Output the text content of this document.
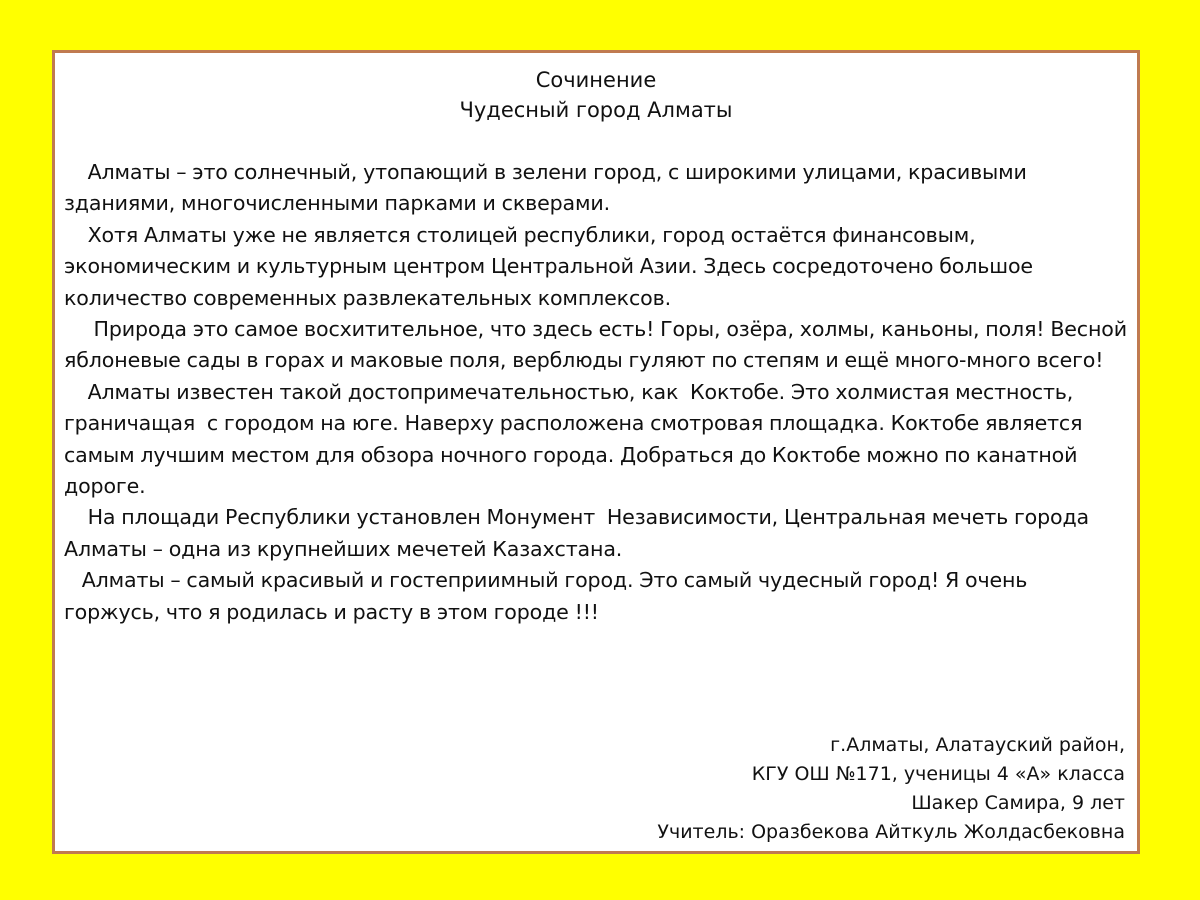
Сочинение
Чудесный город Алматы

Алматы – это солнечный, утопающий в зелени город, с широкими улицами, красивыми зданиями, многочисленными парками и скверами.

Хотя Алматы уже не является столицей республики, город остаётся финансовым, экономическим и культурным центром Центральной Азии. Здесь сосредоточено большое количество современных развлекательных комплексов.

Природа это самое восхитительное, что здесь есть! Горы, озёра, холмы, каньоны, поля! Весной яблоневые сады в горах и маковые поля, верблюды гуляют по степям и ещё много-много всего!

Алматы известен такой достопримечательностью, как  Коктобе. Это холмистая местность, граничащая  с городом на юге. Наверху расположена смотровая площадка. Коктобе является самым лучшим местом для обзора ночного города. Добраться до Коктобе можно по канатной дороге.

На площади Республики установлен Монумент  Независимости, Центральная мечеть города Алматы – одна из крупнейших мечетей Казахстана.

Алматы – самый красивый и гостеприимный город. Это самый чудесный город! Я очень горжусь, что я родилась и расту в этом городе !!!

г.Алматы, Алатауский район,
КГУ ОШ №171, ученицы 4 «А» класса
Шакер Самира, 9 лет
Учитель: Оразбекова Айткуль Жолдасбековна
